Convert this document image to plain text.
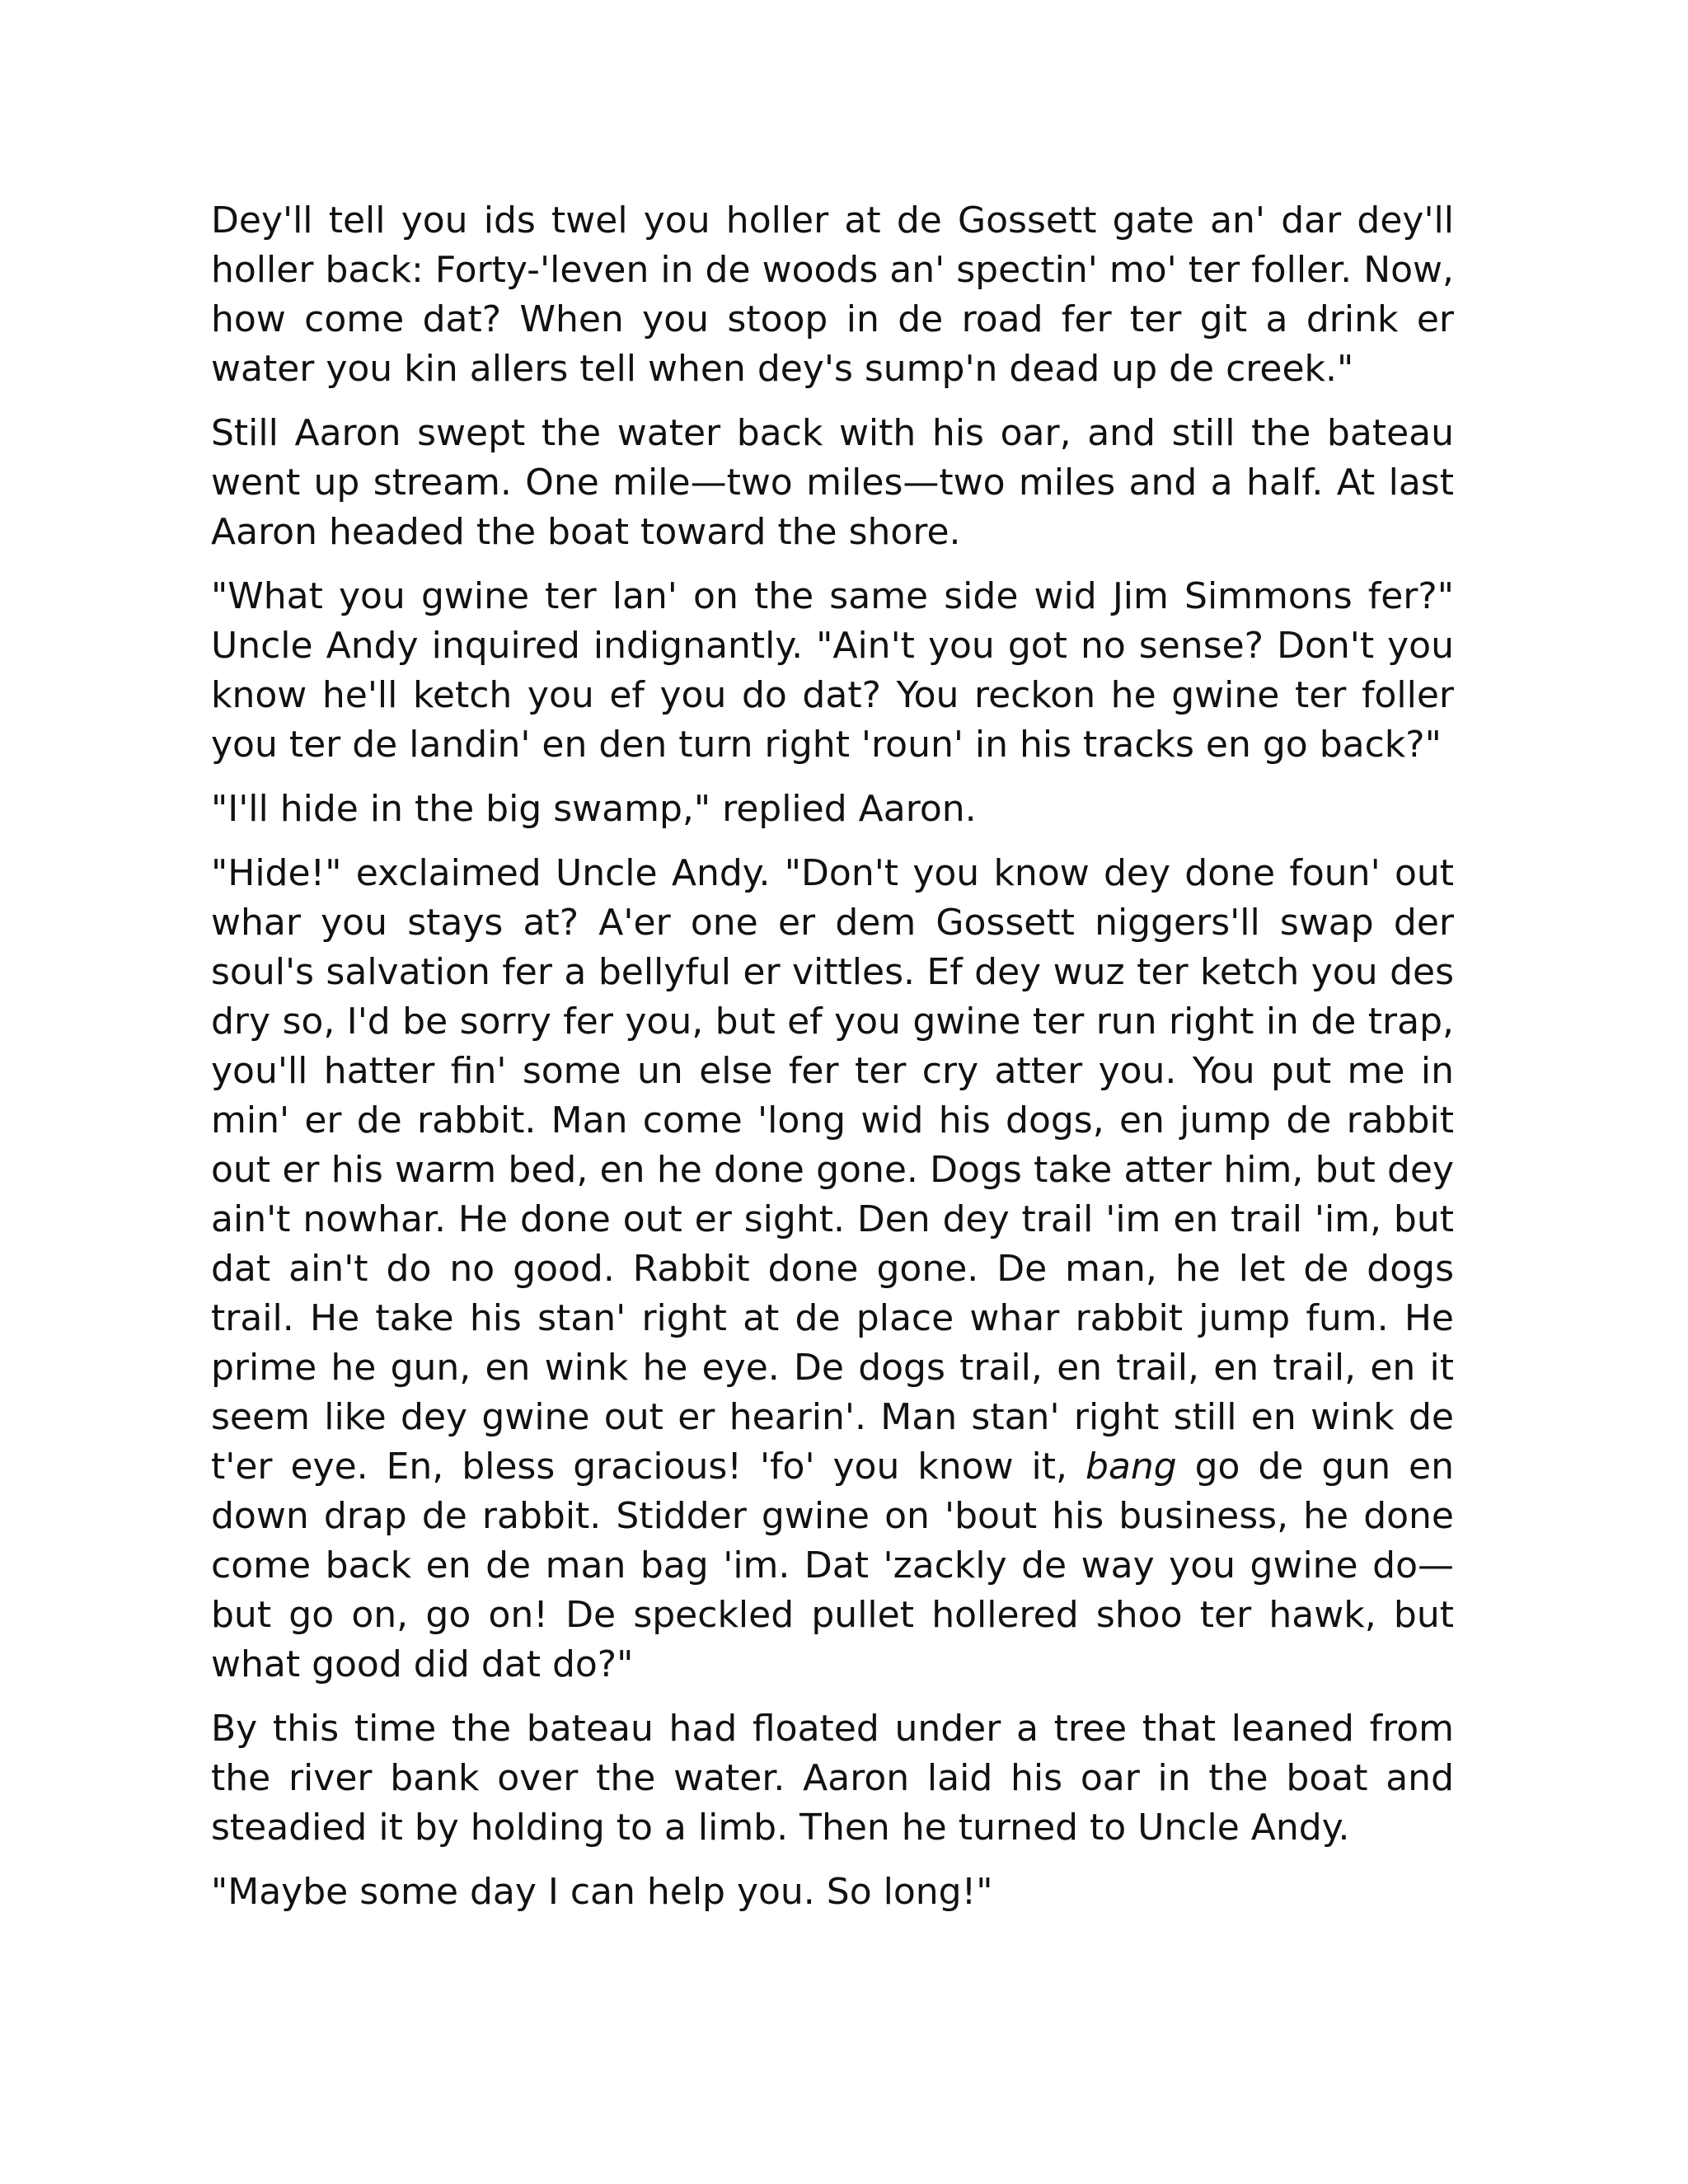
Dey'll tell you ids twel you holler at de Gossett gate an' dar dey'll holler back: Forty-'leven in de woods an' spectin' mo' ter foller. Now, how come dat? When you stoop in de road fer ter git a drink er water you kin allers tell when dey's sump'n dead up de creek."

Still Aaron swept the water back with his oar, and still the bateau went up stream. One mile—two miles—two miles and a half. At last Aaron headed the boat toward the shore.

"What you gwine ter lan' on the same side wid Jim Simmons fer?" Uncle Andy inquired indignantly. "Ain't you got no sense? Don't you know he'll ketch you ef you do dat? You reckon he gwine ter foller you ter de landin' en den turn right 'roun' in his tracks en go back?"

"I'll hide in the big swamp," replied Aaron.

"Hide!" exclaimed Uncle Andy. "Don't you know dey done foun' out whar you stays at? A'er one er dem Gossett niggers'll swap der soul's salvation fer a bellyful er vittles. Ef dey wuz ter ketch you des dry so, I'd be sorry fer you, but ef you gwine ter run right in de trap, you'll hatter fin' some un else fer ter cry atter you. You put me in min' er de rabbit. Man come 'long wid his dogs, en jump de rabbit out er his warm bed, en he done gone. Dogs take atter him, but dey ain't nowhar. He done out er sight. Den dey trail 'im en trail 'im, but dat ain't do no good. Rabbit done gone. De man, he let de dogs trail. He take his stan' right at de place whar rabbit jump fum. He prime he gun, en wink he eye. De dogs trail, en trail, en trail, en it seem like dey gwine out er hearin'. Man stan' right still en wink de t'er eye. En, bless gracious! 'fo' you know it, bang go de gun en down drap de rabbit. Stidder gwine on 'bout his business, he done come back en de man bag 'im. Dat 'zackly de way you gwine do—but go on, go on! De speckled pullet hollered shoo ter hawk, but what good did dat do?"

By this time the bateau had floated under a tree that leaned from the river bank over the water. Aaron laid his oar in the boat and steadied it by holding to a limb. Then he turned to Uncle Andy.

"Maybe some day I can help you. So long!"
